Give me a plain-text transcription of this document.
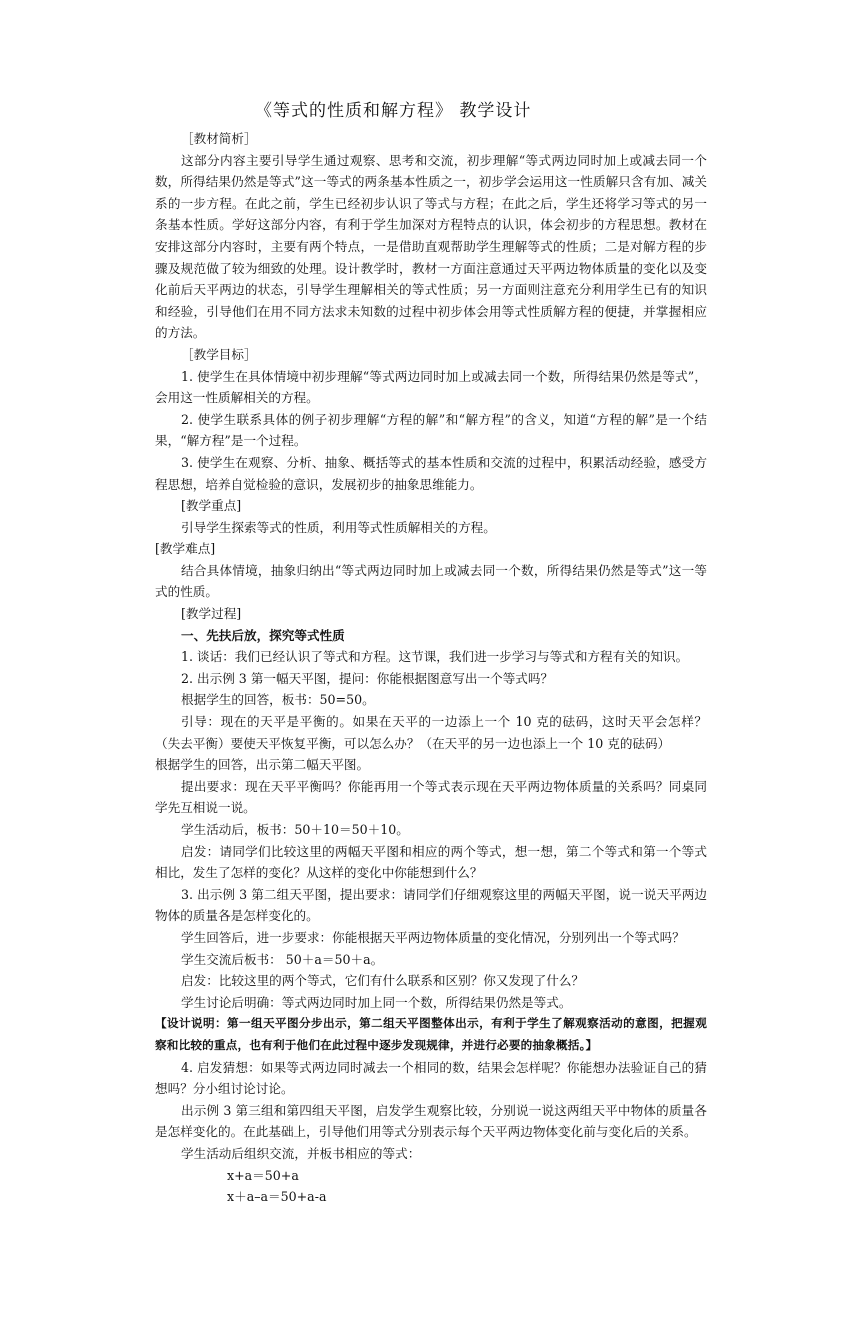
《等式的性质和解方程》 教学设计

［教材简析］

这部分内容主要引导学生通过观察、思考和交流，初步理解“等式两边同时加上或减去同一个数，所得结果仍然是等式”这一等式的两条基本性质之一，初步学会运用这一性质解只含有加、减关系的一步方程。在此之前，学生已经初步认识了等式与方程；在此之后，学生还将学习等式的另一条基本性质。学好这部分内容，有利于学生加深对方程特点的认识，体会初步的方程思想。教材在安排这部分内容时，主要有两个特点，一是借助直观帮助学生理解等式的性质；二是对解方程的步骤及规范做了较为细致的处理。设计教学时，教材一方面注意通过天平两边物体质量的变化以及变化前后天平两边的状态，引导学生理解相关的等式性质；另一方面则注意充分利用学生已有的知识和经验，引导他们在用不同方法求未知数的过程中初步体会用等式性质解方程的便捷，并掌握相应的方法。

［教学目标］

1. 使学生在具体情境中初步理解“等式两边同时加上或减去同一个数，所得结果仍然是等式”，会用这一性质解相关的方程。

2. 使学生联系具体的例子初步理解“方程的解”和“解方程”的含义，知道“方程的解”是一个结果，“解方程”是一个过程。

3. 使学生在观察、分析、抽象、概括等式的基本性质和交流的过程中，积累活动经验，感受方程思想，培养自觉检验的意识，发展初步的抽象思维能力。

[教学重点]

引导学生探索等式的性质，利用等式性质解相关的方程。

[教学难点]

结合具体情境，抽象归纳出“等式两边同时加上或减去同一个数，所得结果仍然是等式”这一等式的性质。

[教学过程]

一、先扶后放，探究等式性质

1. 谈话：我们已经认识了等式和方程。这节课，我们进一步学习与等式和方程有关的知识。

2. 出示例 3 第一幅天平图，提问：你能根据图意写出一个等式吗？

根据学生的回答，板书：50=50。

引导：现在的天平是平衡的。如果在天平的一边添上一个 10 克的砝码，这时天平会怎样？（失去平衡）要使天平恢复平衡，可以怎么办？（在天平的另一边也添上一个 10 克的砝码）

根据学生的回答，出示第二幅天平图。

提出要求：现在天平平衡吗？你能再用一个等式表示现在天平两边物体质量的关系吗？同桌同学先互相说一说。

学生活动后，板书：50＋10＝50＋10。

启发：请同学们比较这里的两幅天平图和相应的两个等式，想一想，第二个等式和第一个等式相比，发生了怎样的变化？从这样的变化中你能想到什么？

3. 出示例 3 第二组天平图，提出要求：请同学们仔细观察这里的两幅天平图，说一说天平两边物体的质量各是怎样变化的。

学生回答后，进一步要求：你能根据天平两边物体质量的变化情况，分别列出一个等式吗？

学生交流后板书： 50＋a＝50＋a。

启发：比较这里的两个等式，它们有什么联系和区别？你又发现了什么？

学生讨论后明确：等式两边同时加上同一个数，所得结果仍然是等式。

【设计说明：第一组天平图分步出示，第二组天平图整体出示，有利于学生了解观察活动的意图，把握观察和比较的重点，也有利于他们在此过程中逐步发现规律，并进行必要的抽象概括。】

4. 启发猜想：如果等式两边同时减去一个相同的数，结果会怎样呢？你能想办法验证自己的猜想吗？分小组讨论讨论。

出示例 3 第三组和第四组天平图，启发学生观察比较，分别说一说这两组天平中物体的质量各是怎样变化的。在此基础上，引导他们用等式分别表示每个天平两边物体变化前与变化后的关系。

学生活动后组织交流，并板书相应的等式：

x+a＝50+a

x＋a–a＝50+a-a
